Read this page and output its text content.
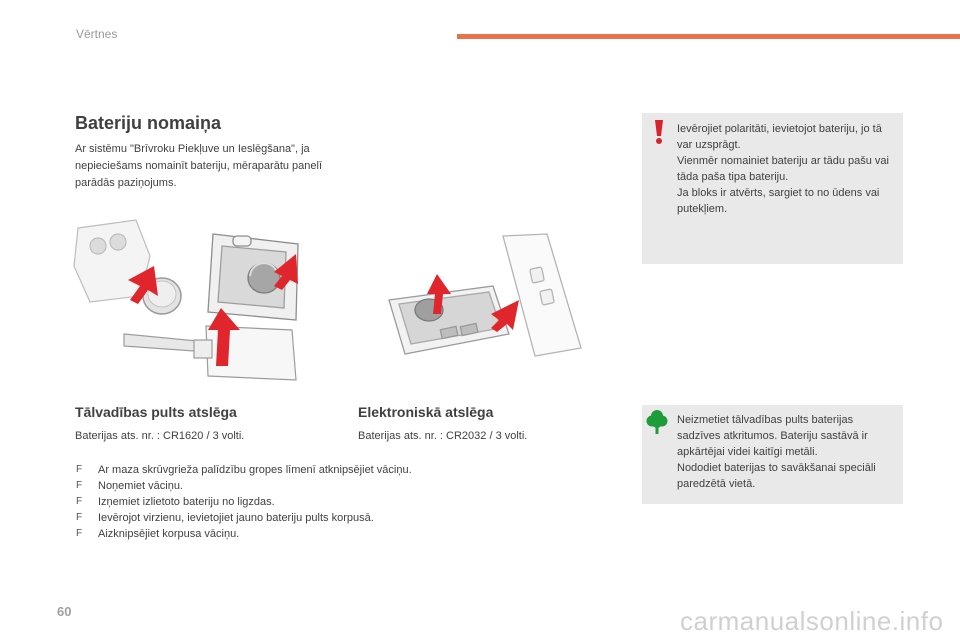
Vērtnes
Bateriju nomaiņa

Ar sistēmu "Brīvroku Piekļuve un Ieslēgšana", ja nepieciešams nomainīt bateriju, mēraparātu panelī parādās paziņojums.

Ievērojiet polaritāti, ievietojot bateriju, jo tā var uzsprāgt.
Vienmēr nomainiet bateriju ar tādu pašu vai tāda paša tipa bateriju.
Ja bloks ir atvērts, sargiet to no ūdens vai putekļiem.
Tālvadības pults atslēga

Baterijas ats. nr. : CR1620 / 3 volti.

Elektroniskā atslēga

Baterijas ats. nr. : CR2032 / 3 volti.

F Ar maza skrūvgrieža palīdzību gropes līmenī atknipsējiet vāciņu.
F Noņemiet vāciņu.
F Izņemiet izlietoto bateriju no ligzdas.
F Ievērojot virzienu, ievietojiet jauno bateriju pults korpusā.
F Aizknipsējiet korpusa vāciņu.
Neizmetiet tālvadības pults baterijas sadzīves atkritumos. Bateriju sastāvā ir apkārtējai videi kaitīgi metāli.
Nododiet baterijas to savākšanai speciāli paredzētā vietā.
60	carmanualsonline.info
